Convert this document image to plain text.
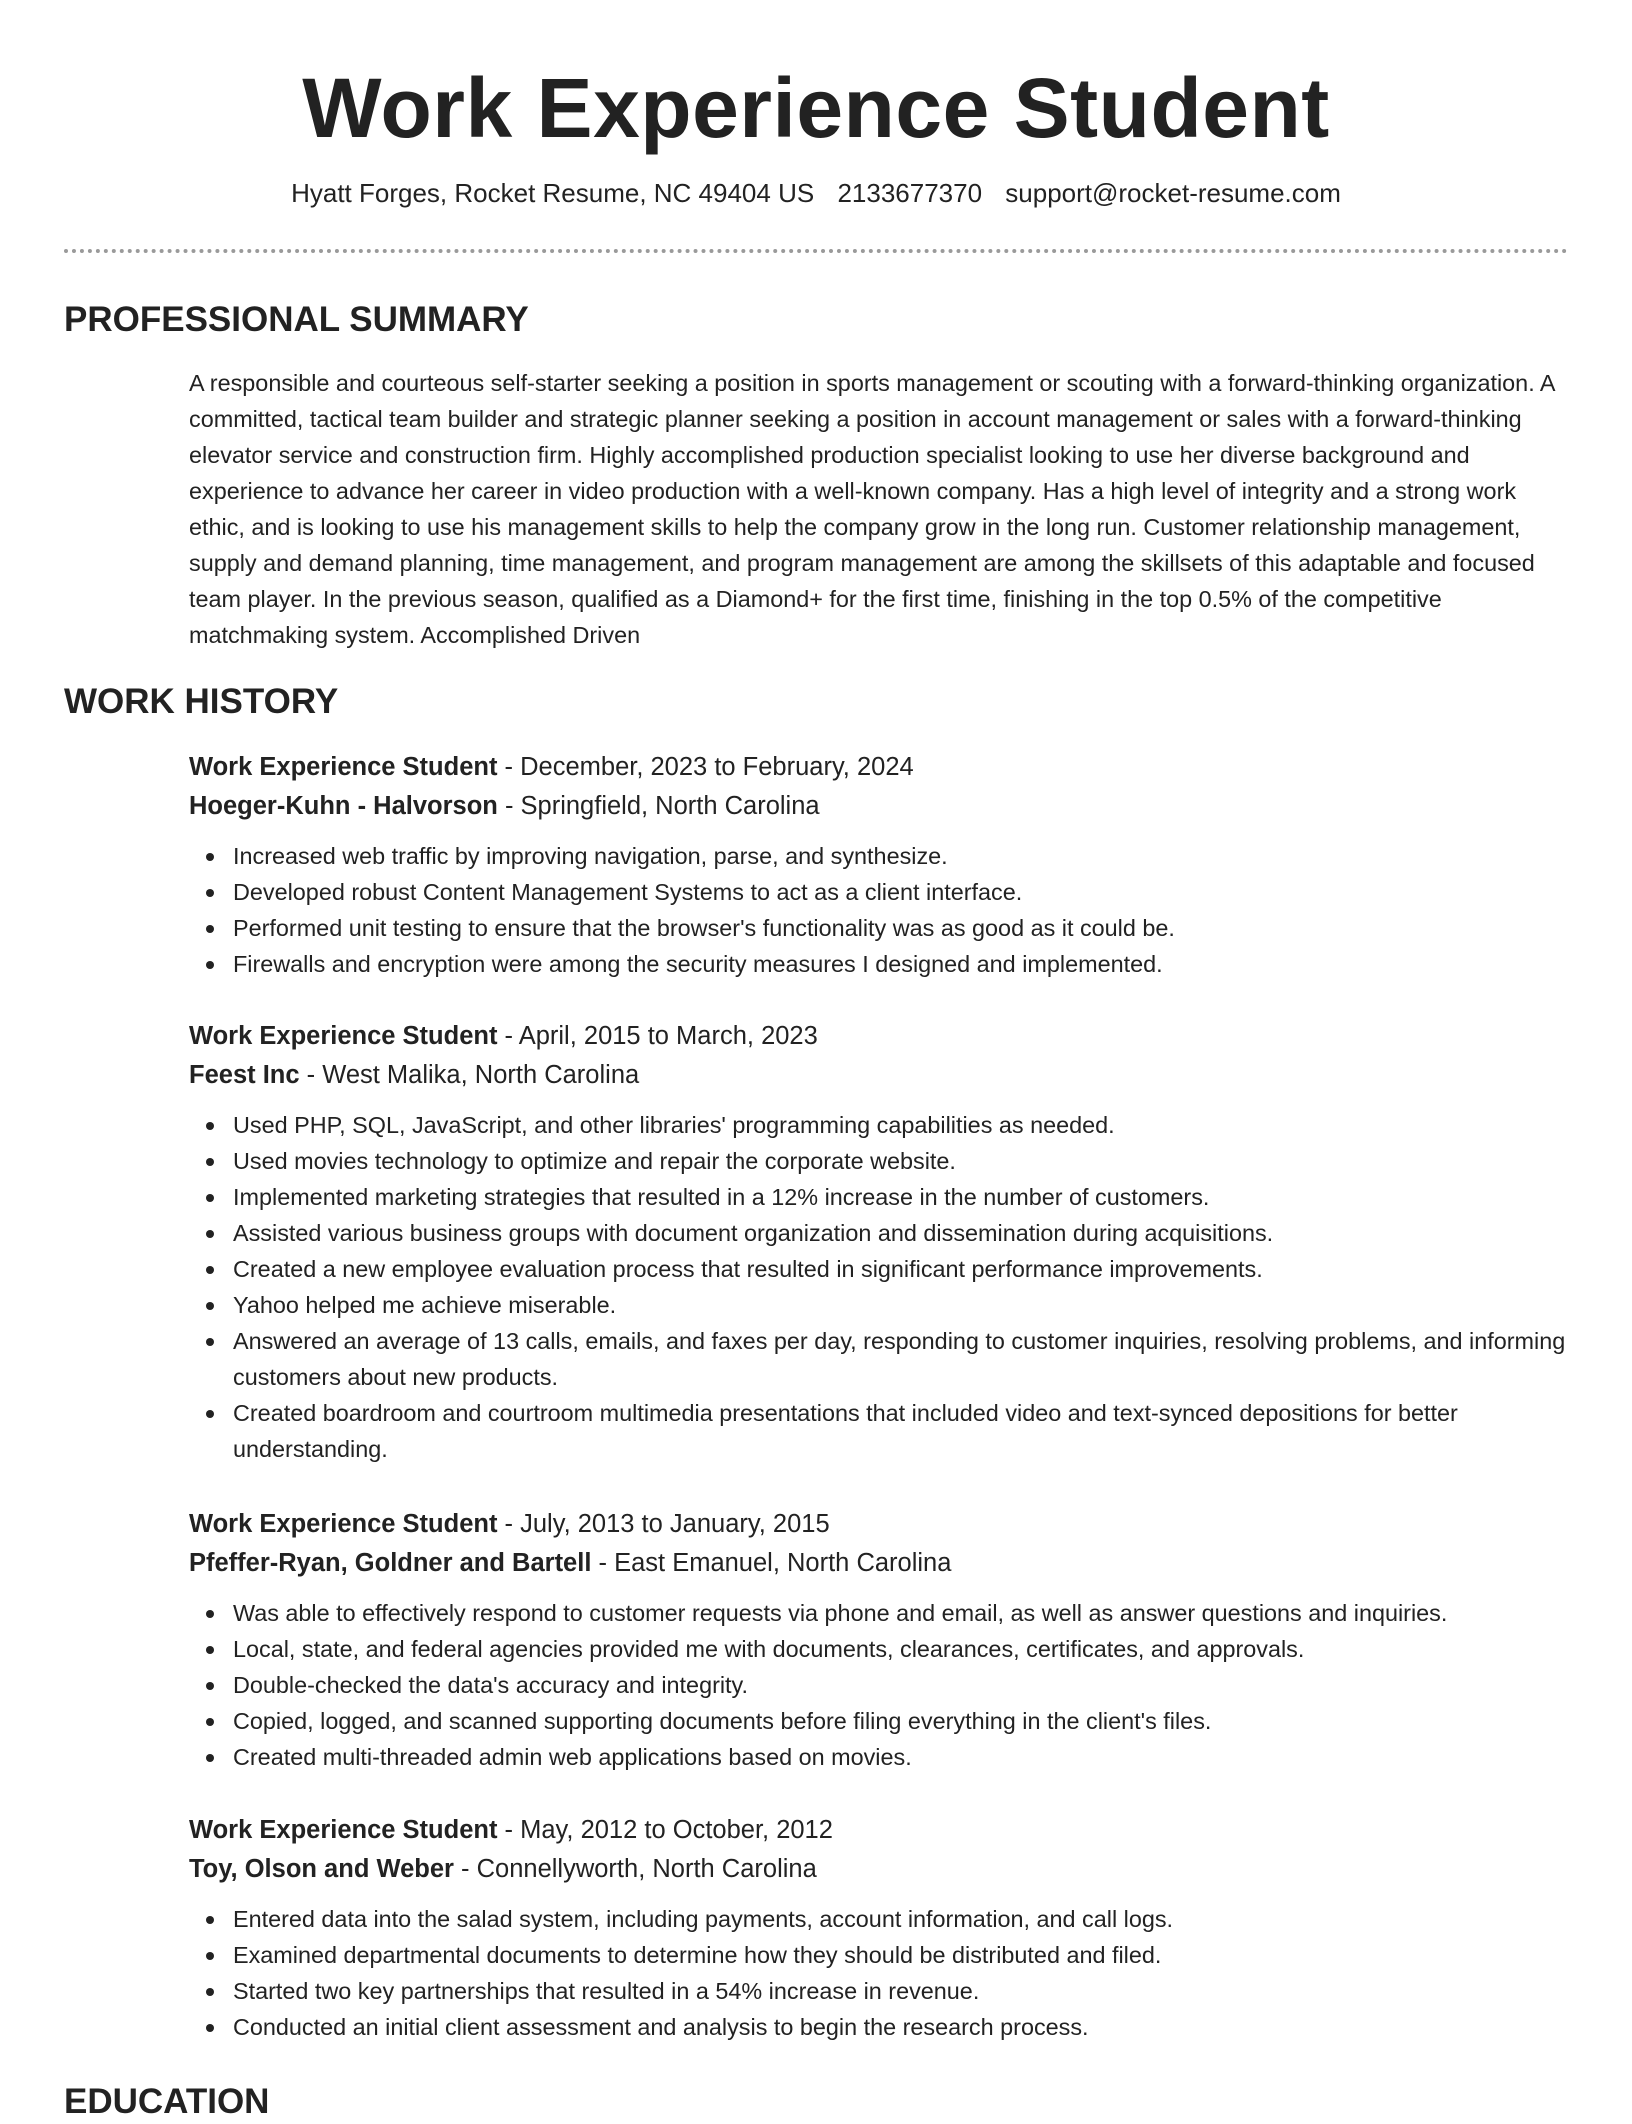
Work Experience Student
Hyatt Forges, Rocket Resume, NC 49404 US 2133677370 support@rocket-resume.com
PROFESSIONAL SUMMARY

A responsible and courteous self-starter seeking a position in sports management or scouting with a forward-thinking organization. A committed, tactical team builder and strategic planner seeking a position in account management or sales with a forward-thinking elevator service and construction firm. Highly accomplished production specialist looking to use her diverse background and experience to advance her career in video production with a well-known company. Has a high level of integrity and a strong work ethic, and is looking to use his management skills to help the company grow in the long run. Customer relationship management, supply and demand planning, time management, and program management are among the skillsets of this adaptable and focused team player. In the previous season, qualified as a Diamond+ for the first time, finishing in the top 0.5% of the competitive matchmaking system. Accomplished Driven

WORK HISTORY
Work Experience Student - December, 2023 to February, 2024
Hoeger-Kuhn - Halvorson - Springfield, North Carolina
Increased web traffic by improving navigation, parse, and synthesize.
Developed robust Content Management Systems to act as a client interface.
Performed unit testing to ensure that the browser's functionality was as good as it could be.
Firewalls and encryption were among the security measures I designed and implemented.
Work Experience Student - April, 2015 to March, 2023
Feest Inc - West Malika, North Carolina
Used PHP, SQL, JavaScript, and other libraries' programming capabilities as needed.
Used movies technology to optimize and repair the corporate website.
Implemented marketing strategies that resulted in a 12% increase in the number of customers.
Assisted various business groups with document organization and dissemination during acquisitions.
Created a new employee evaluation process that resulted in significant performance improvements.
Yahoo helped me achieve miserable.
Answered an average of 13 calls, emails, and faxes per day, responding to customer inquiries, resolving problems, and informing customers about new products.
Created boardroom and courtroom multimedia presentations that included video and text-synced depositions for better understanding.
Work Experience Student - July, 2013 to January, 2015
Pfeffer-Ryan, Goldner and Bartell - East Emanuel, North Carolina
Was able to effectively respond to customer requests via phone and email, as well as answer questions and inquiries.
Local, state, and federal agencies provided me with documents, clearances, certificates, and approvals.
Double-checked the data's accuracy and integrity.
Copied, logged, and scanned supporting documents before filing everything in the client's files.
Created multi-threaded admin web applications based on movies.
Work Experience Student - May, 2012 to October, 2012
Toy, Olson and Weber - Connellyworth, North Carolina
Entered data into the salad system, including payments, account information, and call logs.
Examined departmental documents to determine how they should be distributed and filed.
Started two key partnerships that resulted in a 54% increase in revenue.
Conducted an initial client assessment and analysis to begin the research process.
EDUCATION
